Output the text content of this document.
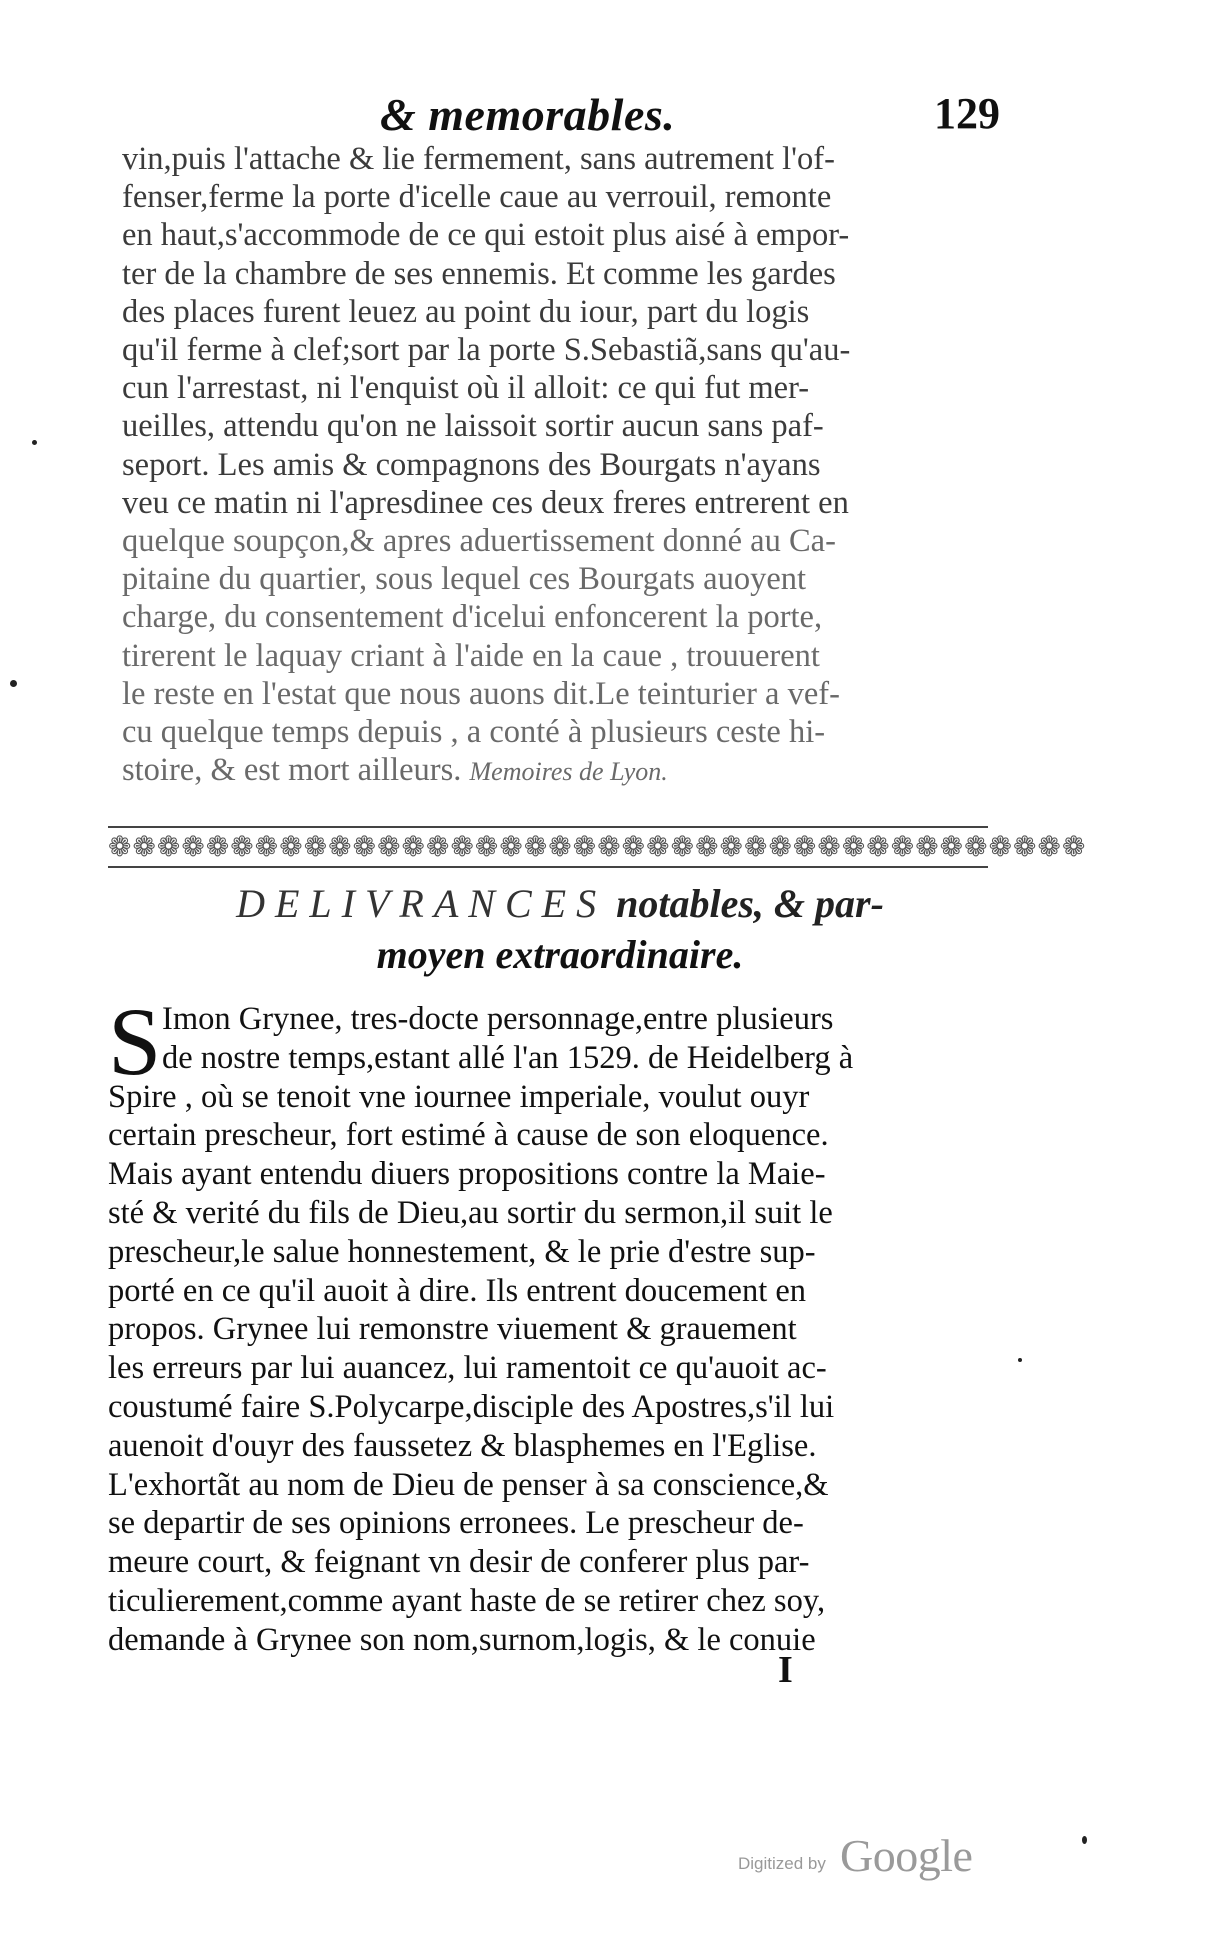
& memorables.	129
vin,puis l'attache & lie fermement, sans autrement l'of-
fenser,ferme la porte d'icelle caue au verrouil, remonte
en haut,s'accommode de ce qui estoit plus aisé à empor-
ter de la chambre de ses ennemis. Et comme les gardes
des places furent leuez au point du iour, part du logis
qu'il ferme à clef;sort par la porte S.Sebastiã,sans qu'au-
cun l'arrestast, ni l'enquist où il alloit: ce qui fut mer-
ueilles, attendu qu'on ne laissoit sortir aucun sans paf-
seport. Les amis & compagnons des Bourgats n'ayans
veu ce matin ni l'apresdinee ces deux freres entrerent en
quelque soupçon,& apres aduertissement donné au Ca-
pitaine du quartier, sous lequel ces Bourgats auoyent
charge, du consentement d'icelui enfoncerent la porte,
tirerent le laquay criant à l'aide en la caue , trouuerent
le reste en l'estat que nous auons dit.Le teinturier a vef-
cu quelque temps depuis , a conté à plusieurs ceste hi-
stoire, & est mort ailleurs. Memoires de Lyon.
❁❁❁❁❁❁❁❁❁❁❁❁❁❁❁❁❁❁❁❁❁❁❁❁❁❁❁❁❁❁❁❁❁❁❁❁❁❁❁❁
DELIVRANCES notables, & par-
moyen extraordinaire.
S Imon Grynee, tres-docte personnage,entre plusieurs
de nostre temps,estant allé l'an 1529. de Heidelberg à
Spire , où se tenoit vne iournee imperiale, voulut ouyr
certain prescheur, fort estimé à cause de son eloquence.
Mais ayant entendu diuers propositions contre la Maie-
sté & verité du fils de Dieu,au sortir du sermon,il suit le
prescheur,le salue honnestement, & le prie d'estre sup-
porté en ce qu'il auoit à dire. Ils entrent doucement en
propos. Grynee lui remonstre viuement & grauement
les erreurs par lui auancez, lui ramentoit ce qu'auoit ac-
coustumé faire S.Polycarpe,disciple des Apostres,s'il lui
auenoit d'ouyr des faussetez & blasphemes en l'Eglise.
L'exhortãt au nom de Dieu de penser à sa conscience,&
se departir de ses opinions erronees. Le prescheur de-
meure court, & feignant vn desir de conferer plus par-
ticulierement,comme ayant haste de se retirer chez soy,
demande à Grynee son nom,surnom,logis, & le conuie
I
Digitized by Google
